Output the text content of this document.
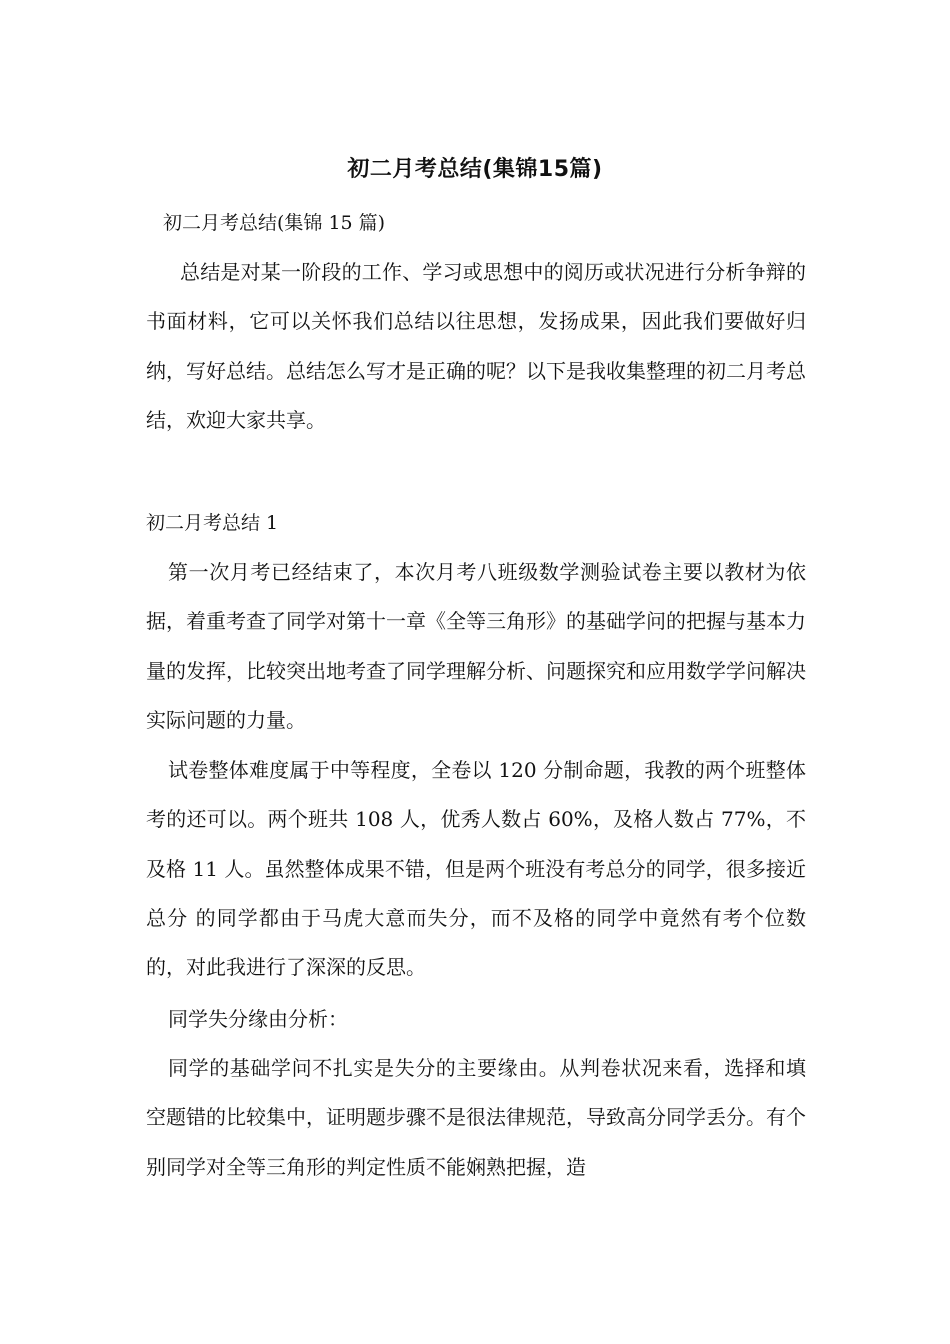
初二月考总结(集锦15篇)
初二月考总结(集锦 15 篇)

总结是对某一阶段的工作、学习或思想中的阅历或状况进行分析争辩的书面材料，它可以关怀我们总结以往思想，发扬成果，因此我们要做好归纳，写好总结。总结怎么写才是正确的呢？以下是我收集整理的初二月考总结，欢迎大家共享。

初二月考总结 1

第一次月考已经结束了，本次月考八班级数学测验试卷主要以教材为依据，着重考查了同学对第十一章《全等三角形》的基础学问的把握与基本力量的发挥，比较突出地考查了同学理解分析、问题探究和应用数学学问解决实际问题的力量。

试卷整体难度属于中等程度，全卷以 120 分制命题，我教的两个班整体考的还可以。两个班共 108 人，优秀人数占 60%，及格人数占 77%，不及格 11 人。虽然整体成果不错，但是两个班没有考总分的同学，很多接近总分 的同学都由于马虎大意而失分，而不及格的同学中竟然有考个位数的，对此我进行了深深的反思。

同学失分缘由分析：

同学的基础学问不扎实是失分的主要缘由。从判卷状况来看，选择和填空题错的比较集中，证明题步骤不是很法律规范，导致高分同学丢分。有个别同学对全等三角形的判定性质不能娴熟把握，造
